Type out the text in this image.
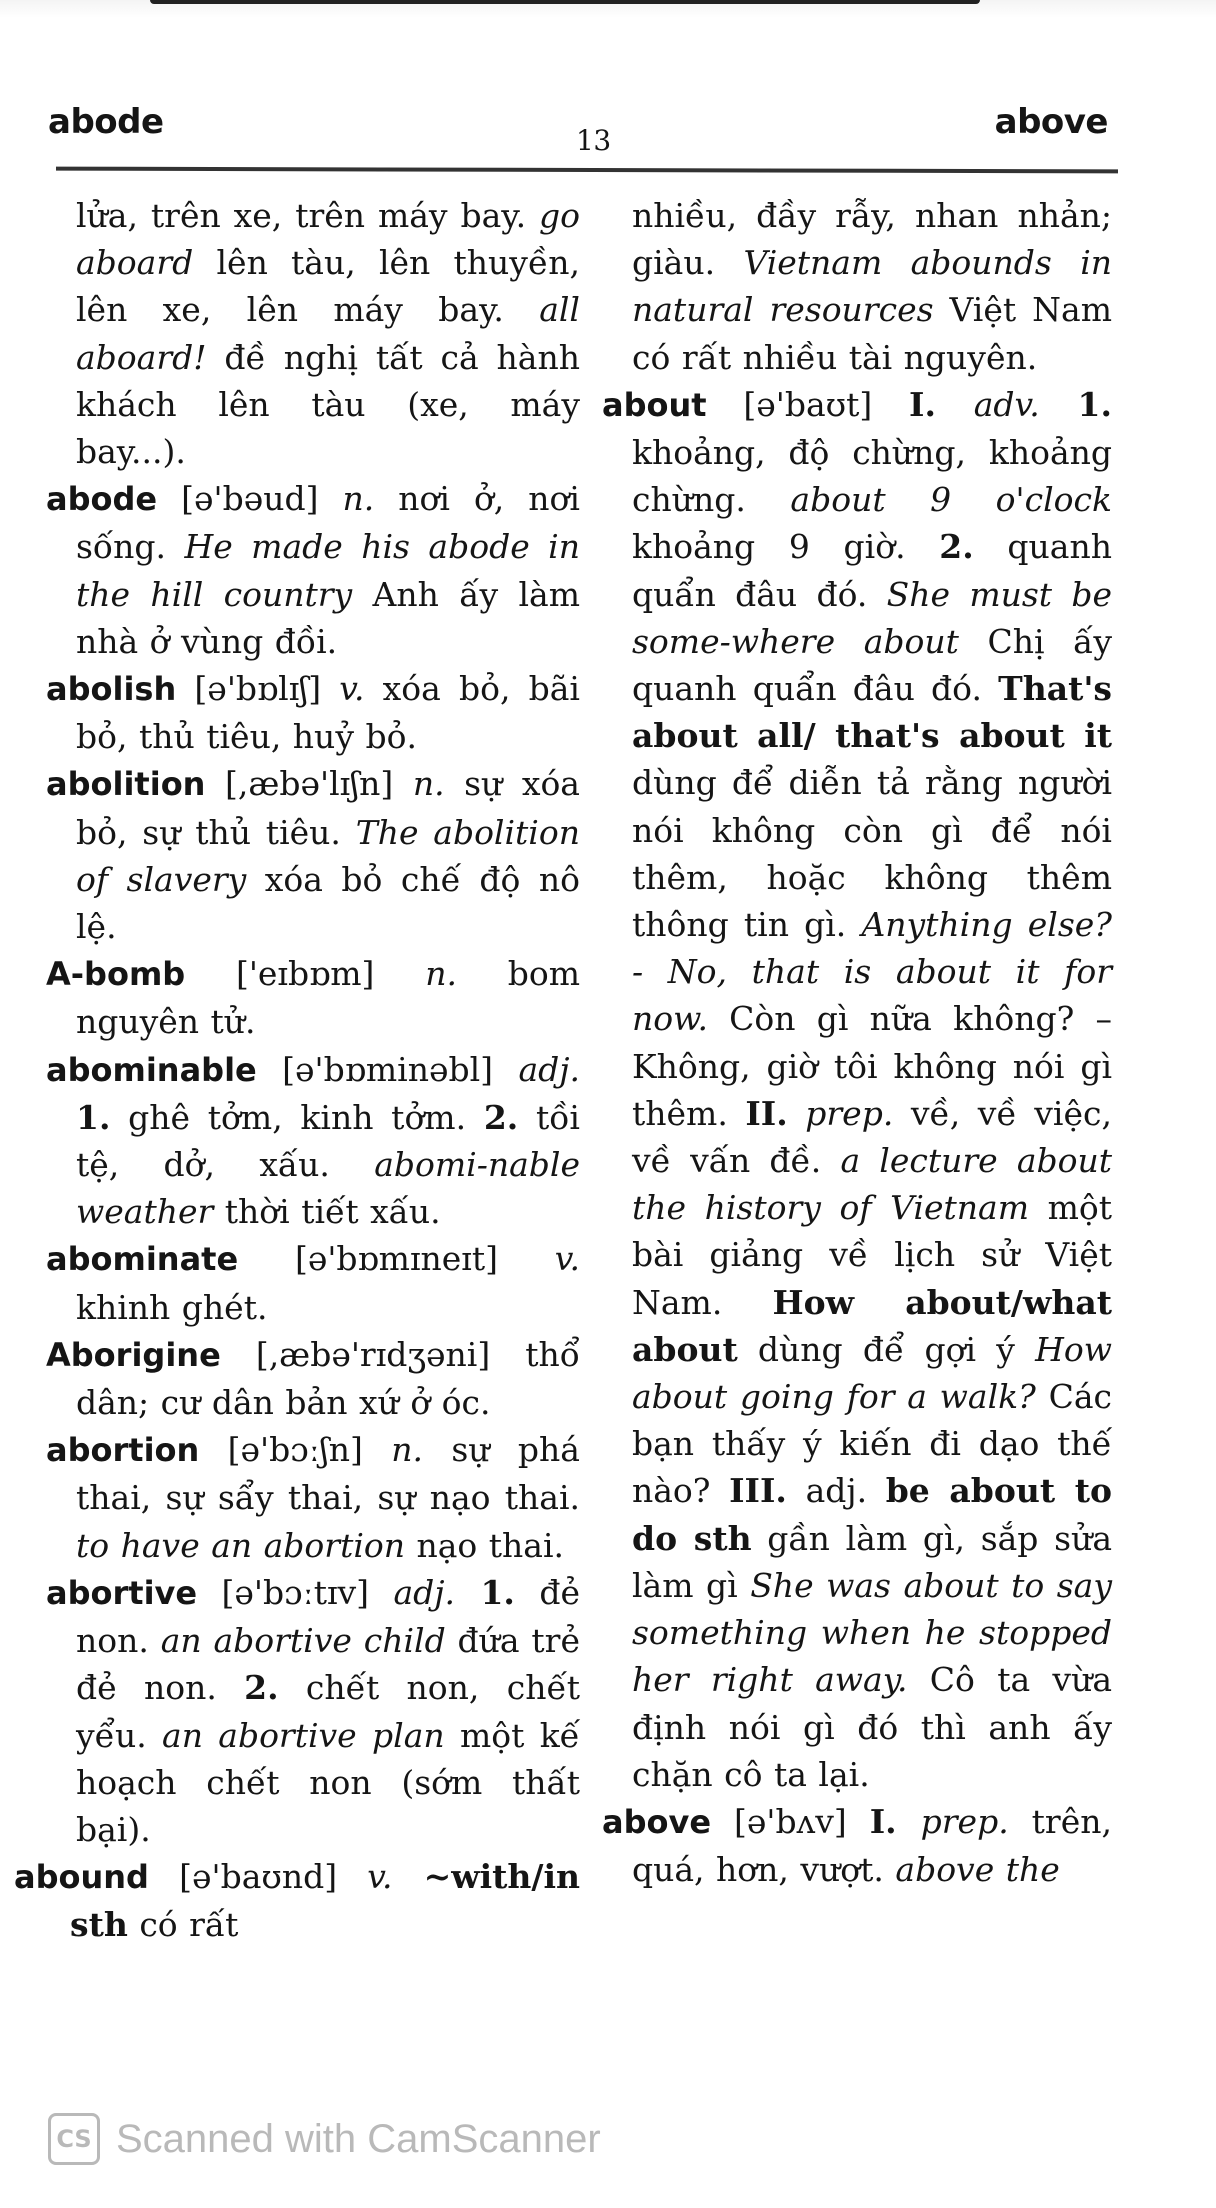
abode	13	above

lửa, trên xe, trên máy bay. go aboard lên tàu, lên thuyền, lên xe, lên máy bay. all aboard! đề nghị tất cả hành khách lên tàu (xe, máy bay...).

abode [ə'bəud] n. nơi ở, nơi sống. He made his abode in the hill country Anh ấy làm nhà ở vùng đồi.

abolish [ə'bɒlɪʃ] v. xóa bỏ, bãi bỏ, thủ tiêu, huỷ bỏ.

abolition [,æbə'lɪʃn] n. sự xóa bỏ, sự thủ tiêu. The abolition of slavery xóa bỏ chế độ nô lệ.

A-bomb ['eɪbɒm] n. bom nguyên tử.

abominable [ə'bɒminəbl] adj. 1. ghê tởm, kinh tởm. 2. tồi tệ, dở, xấu. abomi-nable weather thời tiết xấu.

abominate [ə'bɒmɪneɪt] v. khinh ghét.

Aborigine [,æbə'rɪdʒəni] thổ dân; cư dân bản xứ ở óc.

abortion [ə'bɔːʃn] n. sự phá thai, sự sẩy thai, sự nạo thai. to have an abortion nạo thai.

abortive [ə'bɔːtɪv] adj. 1. đẻ non. an abortive child đứa trẻ đẻ non. 2. chết non, chết yểu. an abortive plan một kế hoạch chết non (sớm thất bại).

abound [ə'baʊnd] v. ~with/in sth có rất

nhiều, đầy rẫy, nhan nhản; giàu. Vietnam abounds in natural resources Việt Nam có rất nhiều tài nguyên.

about [ə'baʊt] I. adv. 1. khoảng, độ chừng, khoảng chừng. about 9 o'clock khoảng 9 giờ. 2. quanh quẩn đâu đó. She must be some-where about Chị ấy quanh quẩn đâu đó. That's about all/ that's about it dùng để diễn tả rằng người nói không còn gì để nói thêm, hoặc không thêm thông tin gì. Anything else? - No, that is about it for now. Còn gì nữa không? – Không, giờ tôi không nói gì thêm. II. prep. về, về việc, về vấn đề. a lecture about the history of Vietnam một bài giảng về lịch sử Việt Nam. How about/what about dùng để gợi ý How about going for a walk? Các bạn thấy ý kiến đi dạo thế nào? III. adj. be about to do sth gần làm gì, sắp sửa làm gì She was about to say something when he stopped her right away. Cô ta vừa định nói gì đó thì anh ấy chặn cô ta lại.

above [ə'bʌv] I. prep. trên, quá, hơn, vượt. above the

CS Scanned with CamScanner
